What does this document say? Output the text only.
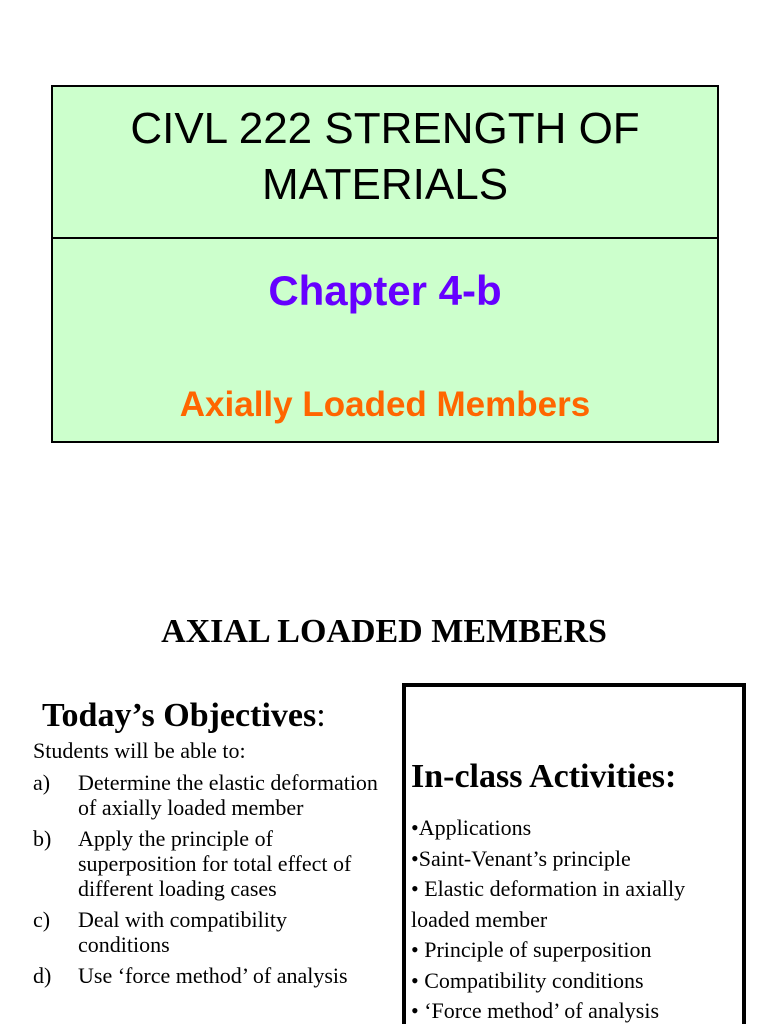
CIVL 222 STRENGTH OF
MATERIALS
Chapter 4-b
Axially Loaded Members
AXIAL LOADED MEMBERS
Today’s Objectives:
Students will be able to:
a) Determine the elastic deformation of axially loaded member
b) Apply the principle of superposition for total effect of different loading cases
c) Deal with compatibility conditions
d) Use ‘force method’ of analysis
In-class Activities:
•Applications
•Saint-Venant’s principle
• Elastic deformation in axially loaded member
• Principle of superposition
• Compatibility conditions
• ‘Force method’ of analysis
